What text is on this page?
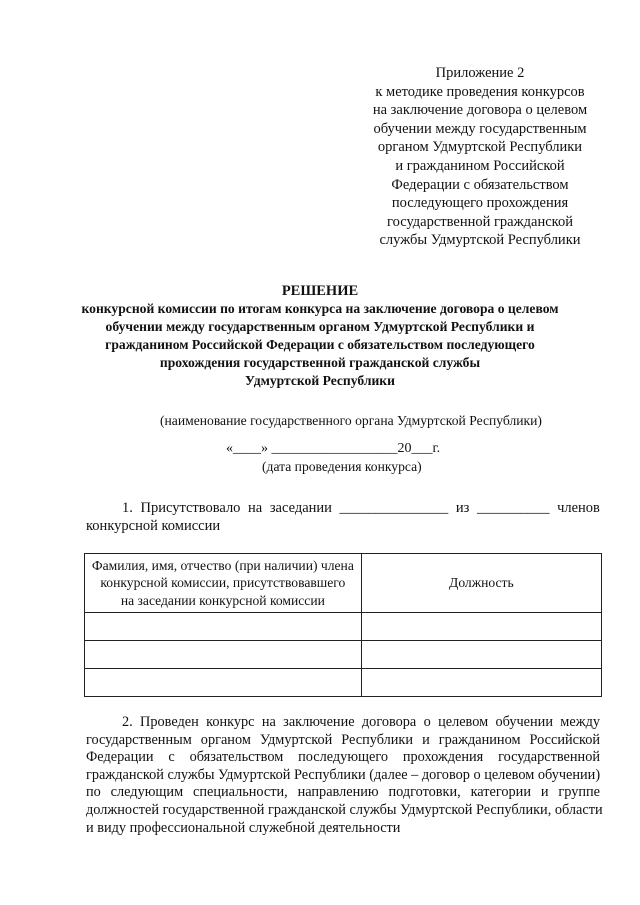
Приложение 2
к методике проведения конкурсов
на заключение договора о целевом
обучении между государственным
органом Удмуртской Республики
и гражданином Российской
Федерации с обязательством
последующего прохождения
государственной гражданской
службы Удмуртской Республики
РЕШЕНИЕ
конкурсной комиссии по итогам конкурса на заключение договора о целевом
обучении между государственным органом Удмуртской Республики и
гражданином Российской Федерации с обязательством последующего
прохождения государственной гражданской службы
Удмуртской Республики
(наименование государственного органа Удмуртской Республики)
«____» __________________20___г.
(дата проведения конкурса)
1. Присутствовало на заседании _______________ из __________ членов
конкурсной комиссии
Фамилия, имя, отчество (при наличии) члена
конкурсной комиссии, присутствовавшего
на заседании конкурсной комиссии	Должность

2. Проведен конкурс на заключение договора о целевом обучении между
государственным органом Удмуртской Республики и гражданином Российской
Федерации с обязательством последующего прохождения государственной
гражданской службы Удмуртской Республики (далее – договор о целевом обучении)
по следующим специальности, направлению подготовки, категории и группе
должностей государственной гражданской службы Удмуртской Республики, области
и виду профессиональной служебной деятельности
